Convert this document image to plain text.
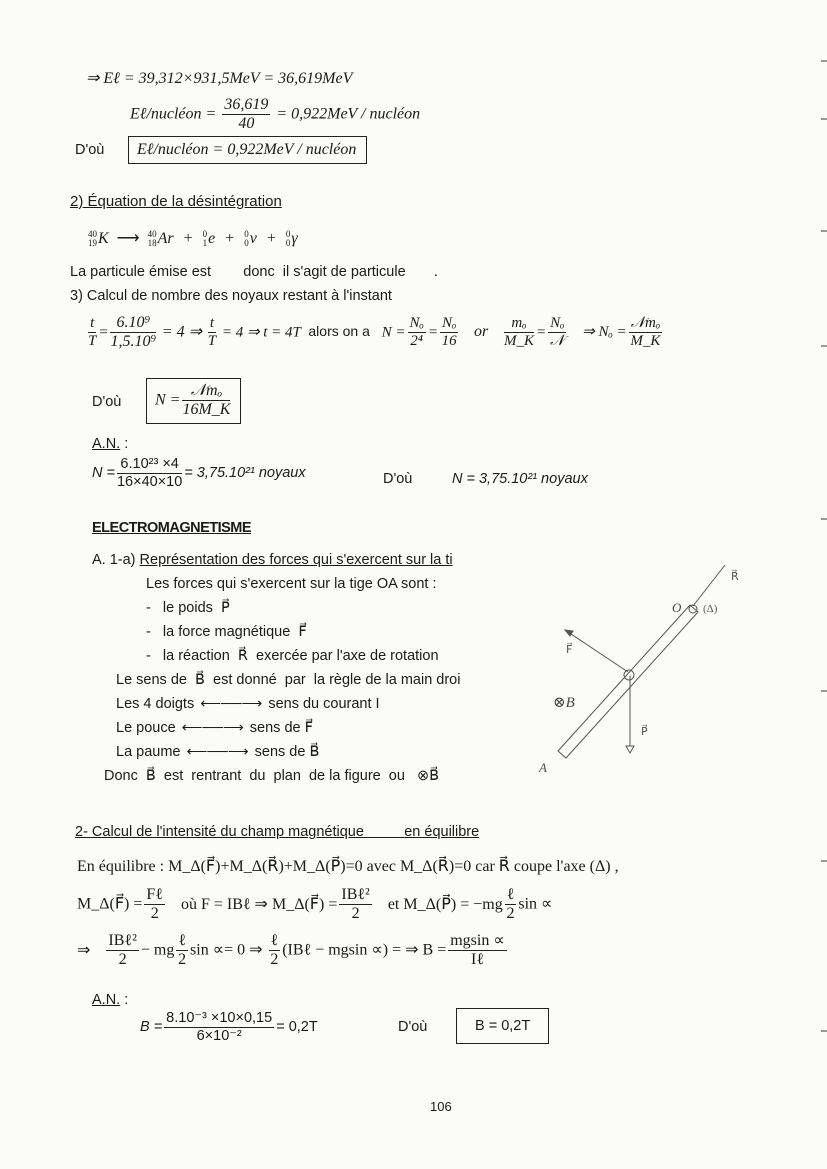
⇒ Eℓ = 39,312×931,5MeV = 36,619MeV
Eℓ/nucléon = $\frac{36,619}{40} = 0,922MeV$ / nucléon
D'où	Eℓ/nucléon = 0,922MeV / nucléon
2) Équation de la désintégration
40
19 K ⟶ 40
18 Ar + 0
1 e + 0
0 ν + 0
0 γ
La particule émise est        donc  il s'agit de particule       .
3) Calcul de nombre des noyaux restant à l'instant
$\frac{t}{T} = \frac{\text{6.10⁹}}{\text{1,5.10⁹}} = 4$ ⇒ $\frac{t}{T} = 4$ ⇒ t = 4T alors on a $N = \frac{\text{Nₒ}}{\text{2⁴}} = \frac{\text{Nₒ}}{16}$ or $\frac{\text{mₒ}}{M\_K} = \frac{\text{Nₒ}}{\text{𝒩}}$ ⇒ $N_o = \frac{\text{𝒩mₒ}}{M\_K}$
D'où	$N = \frac{\text{𝒩mₒ}}{16M\_K}$
A.N. :
$N = \frac{\text{6.10²³ ×4}}{16\times 40\times 10} = 3,75.10^{21}$ noyaux	D'où	N = 3,75.10²¹ noyaux
ELECTROMAGNETISME
A. 1-a) Représentation des forces qui s'exercent sur la ti
Les forces qui s'exercent sur la tige OA sont :
-   le poids  P⃗
-   la force magnétique  F⃗
-   la réaction  R⃗  exercée par l'axe de rotation
Le sens de  B⃗  est donné  par  la règle de la main droi
Les 4 doigts ⟵──⟶ sens du courant I
Le pouce ⟵──⟶ sens de F⃗
La paume ⟵──⟶ sens de B⃗
Donc  B⃗  est  rentrant  du  plan  de la figure  ou   ⊗B⃗
R⃗
O (Δ)
F⃗
⊗B⃗
P⃗
A
2- Calcul de l'intensité du champ magnétique	en équilibre
En équilibre : M_Δ(F⃗)+M_Δ(R⃗)+M_Δ(P⃗)=0 avec M_Δ(R⃗)=0 car R⃗ coupe l'axe (Δ) ,
M_Δ(F⃗) = $\frac{\text{Fℓ}}{2}$ où F = IBℓ ⇒ M_Δ(F⃗) = $\frac{\text{IBℓ²}}{2}$ et M_Δ(P⃗) = $-mg \frac{\text{ℓ}}{2}$ sin ∝
⇒ $\frac{\text{IBℓ²}}{2}$ − mg $\frac{\text{ℓ}}{2}$ sin ∝= 0 ⇒ $\frac{\text{ℓ}}{2}$ (IBℓ − mgsin ∝) = ⇒ $B = \frac{mgsin \propto}{\text{Iℓ}}$
A.N. :
$B = \frac{\text{8.10⁻³ ×10×0,15}}{\text{6×10⁻²}} = 0,2T$	D'où	B = 0,2T
106
